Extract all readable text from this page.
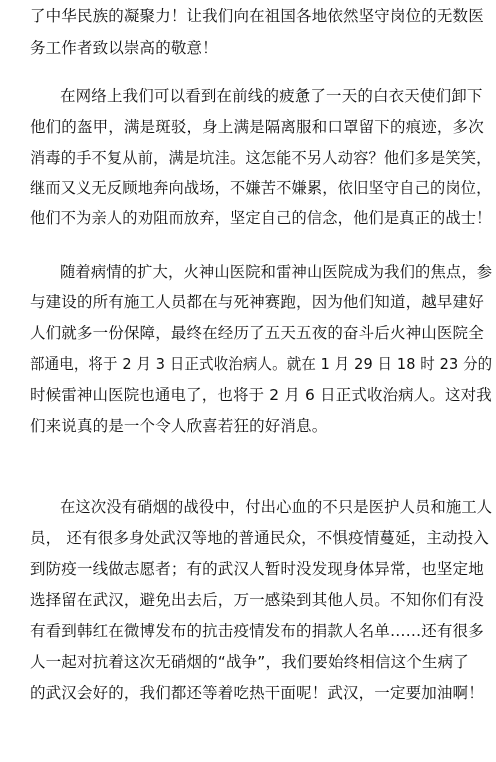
了中华民族的凝聚力！让我们向在祖国各地依然坚守岗位的无数医
务工作者致以崇高的敬意！
在网络上我们可以看到在前线的疲惫了一天的白衣天使们卸下
他们的盔甲，满是斑驳，身上满是隔离服和口罩留下的痕迹，多次
消毒的手不复从前，满是坑洼。这怎能不另人动容？他们多是笑笑，
继而又义无反顾地奔向战场，不嫌苦不嫌累，依旧坚守自己的岗位，
他们不为亲人的劝阻而放弃，坚定自己的信念，他们是真正的战士！
随着病情的扩大，火神山医院和雷神山医院成为我们的焦点，参
与建设的所有施工人员都在与死神赛跑，因为他们知道，越早建好
人们就多一份保障，最终在经历了五天五夜的奋斗后火神山医院全
部通电，将于 2 月 3 日正式收治病人。就在 1 月 29 日 18 时 23 分的
时候雷神山医院也通电了，也将于 2 月 6 日正式收治病人。这对我
们来说真的是一个令人欣喜若狂的好消息。
在这次没有硝烟的战役中，付出心血的不只是医护人员和施工人
员， 还有很多身处武汉等地的普通民众，不惧疫情蔓延，主动投入
到防疫一线做志愿者；有的武汉人暂时没发现身体异常，也坚定地
选择留在武汉，避免出去后，万一感染到其他人员。不知你们有没
有看到韩红在微博发布的抗击疫情发布的捐款人名单……还有很多
人一起对抗着这次无硝烟的“战争”，我们要始终相信这个生病了
的武汉会好的，我们都还等着吃热干面呢！武汉，一定要加油啊！
